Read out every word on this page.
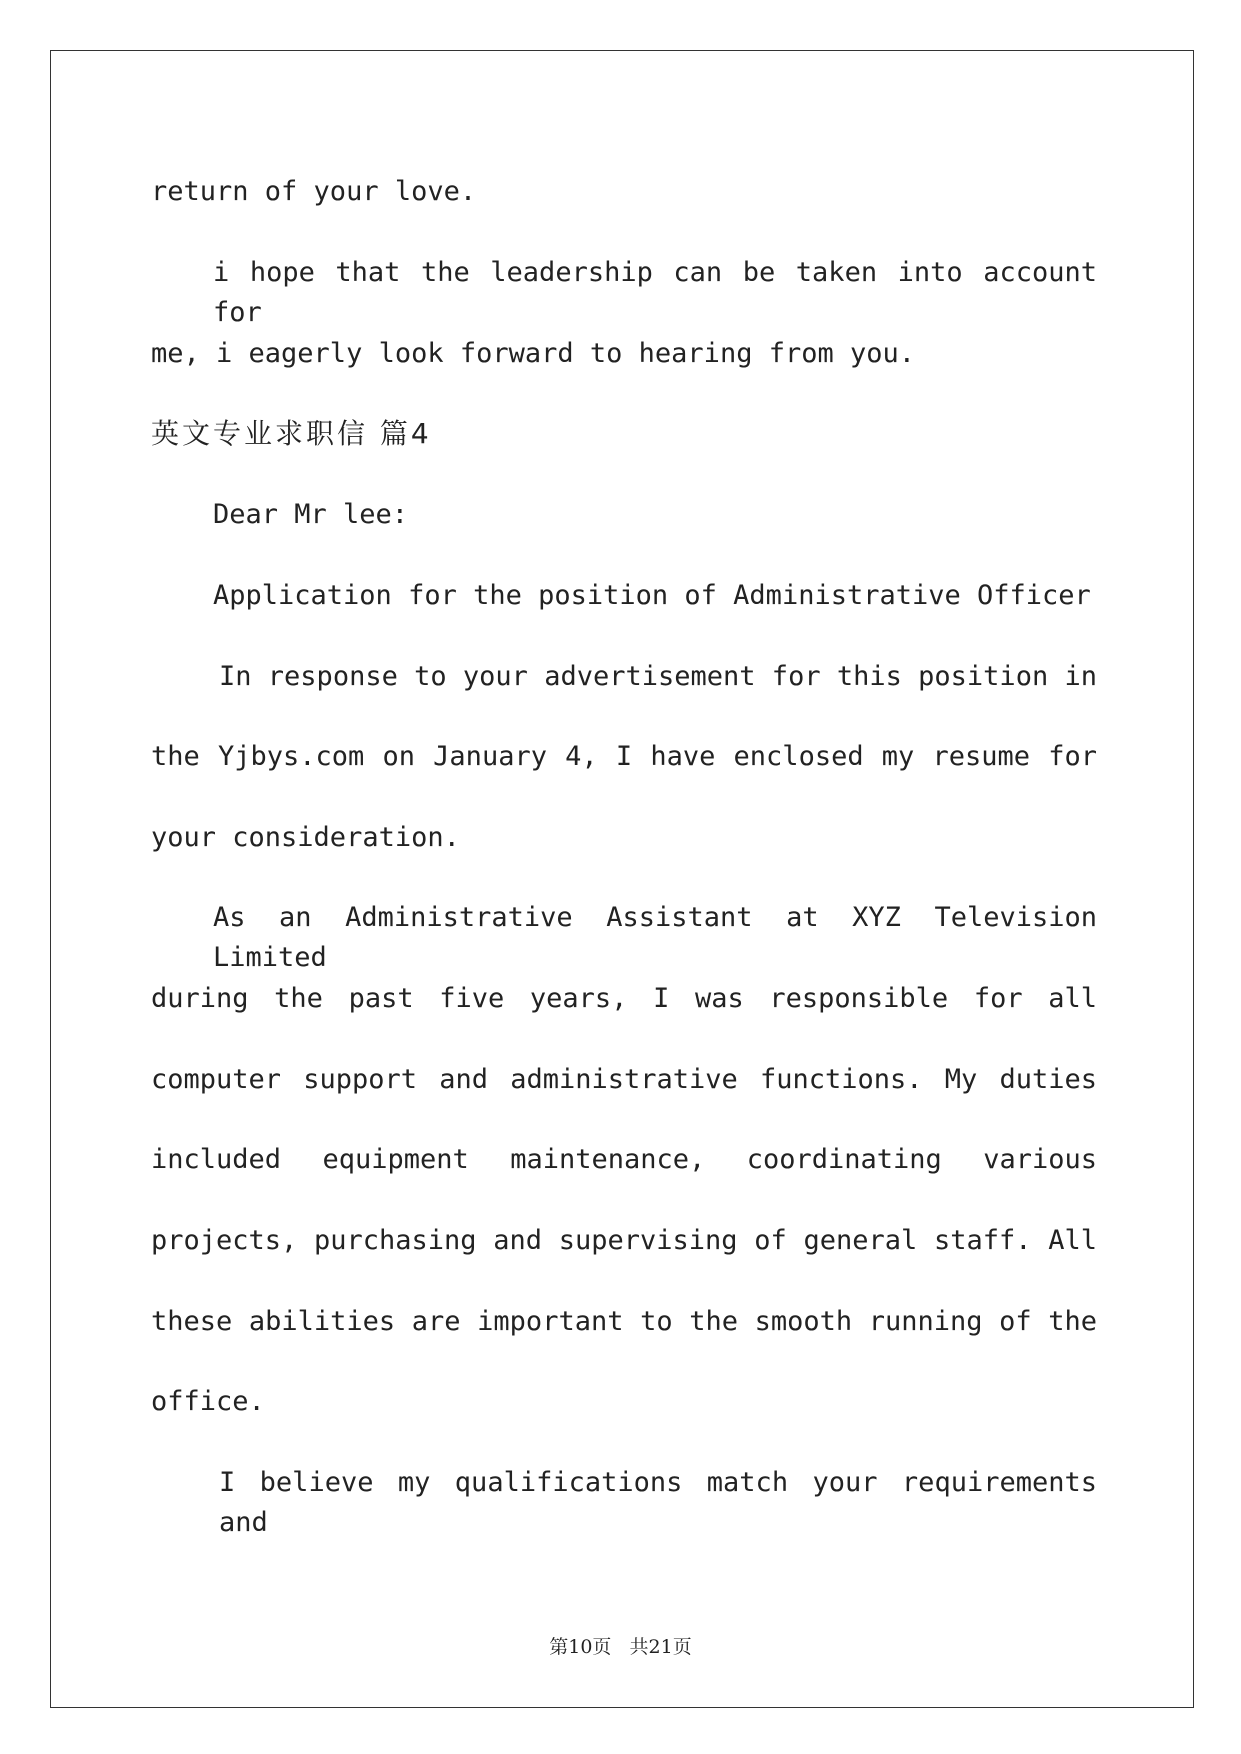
return of your love.
i hope that the leadership can be taken into account for
me, i eagerly look forward to hearing from you.
英文专业求职信 篇4
Dear Mr lee:
Application for the position of Administrative Officer
In response to your advertisement for this position in
the Yjbys.com on January 4, I have enclosed my resume for
your consideration.
As an Administrative Assistant at XYZ Television Limited
during the past five years, I was responsible for all
computer support and administrative functions. My duties
included equipment maintenance, coordinating various
projects, purchasing and supervising of general staff. All
these abilities are important to the smooth running of the
office.
I believe my qualifications match your requirements and
第10页   共21页
